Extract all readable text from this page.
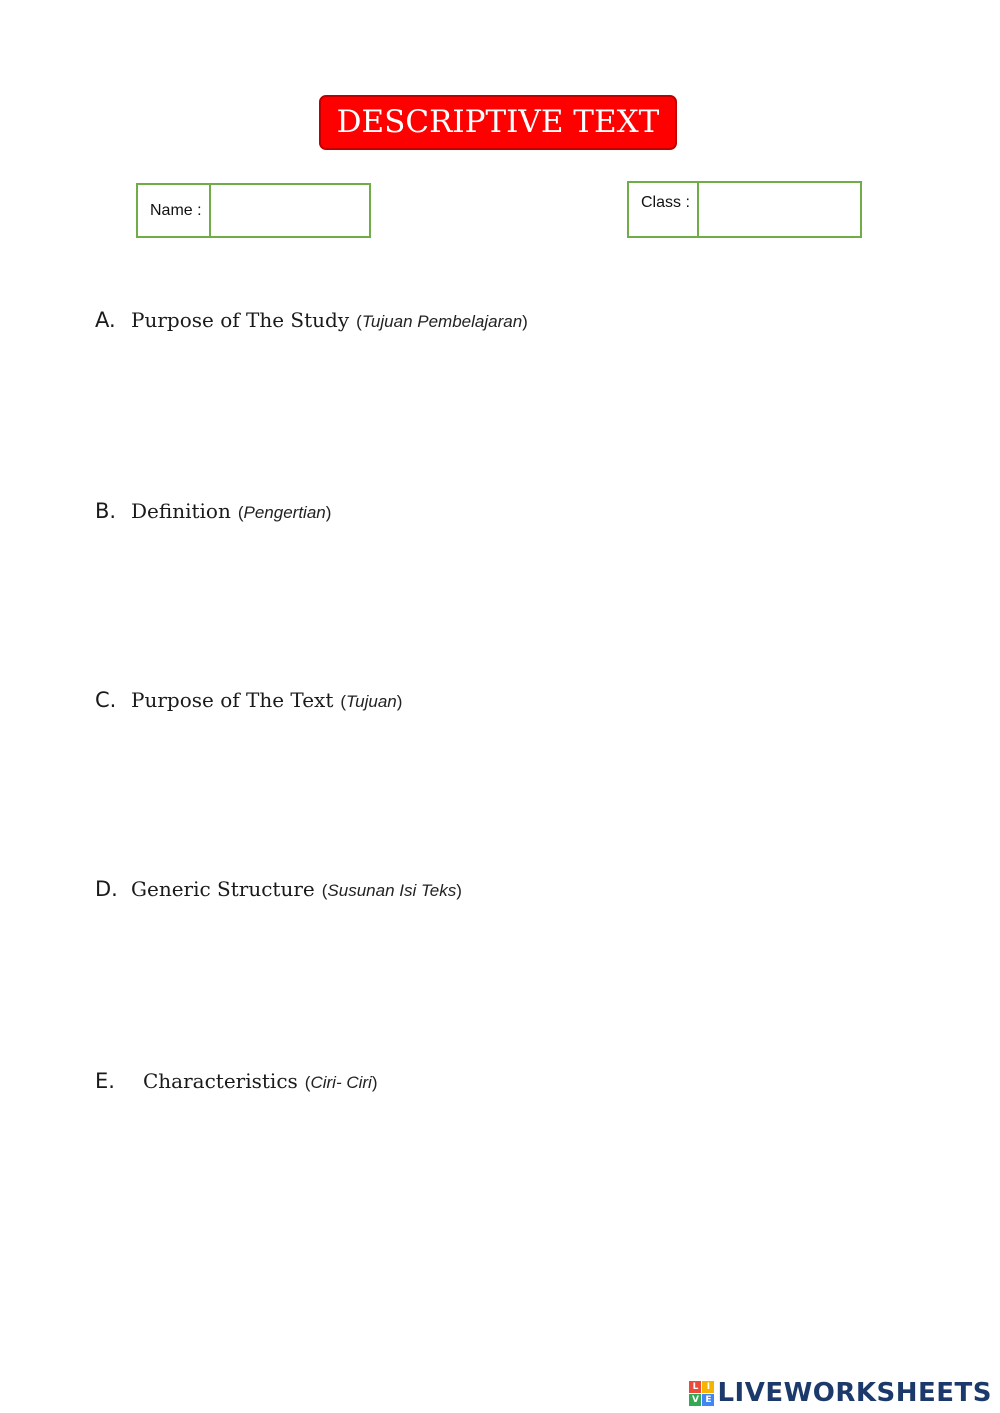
DESCRIPTIVE TEXT
Name :	Class :
A. Purpose of The Study (Tujuan Pembelajaran)
B. Definition (Pengertian)
C. Purpose of The Text (Tujuan)
D. Generic Structure (Susunan Isi Teks)
E.	Characteristics (Ciri- Ciri)
L I
V E LIVEWORKSHEETS
